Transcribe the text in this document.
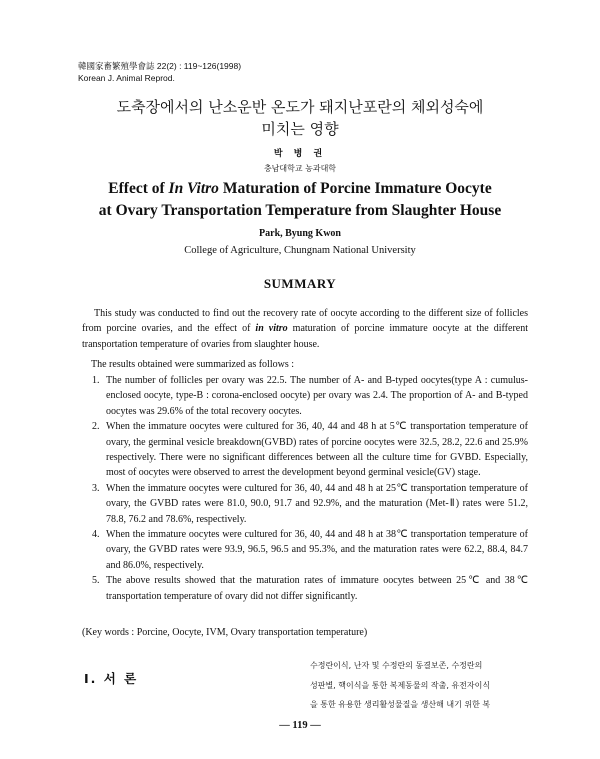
韓國家畜繁殖學會誌 22(2) : 119~126(1998)
Korean J. Animal Reprod.
도축장에서의 난소운반 온도가 돼지난포란의 체외성숙에
미치는 영향
박 병 권
충남대학교 농과대학
Effect of In Vitro Maturation of Porcine Immature Oocyte
at Ovary Transportation Temperature from Slaughter House
Park, Byung Kwon
College of Agriculture, Chungnam National University
SUMMARY
This study was conducted to find out the recovery rate of oocyte according to the different size of follicles from porcine ovaries, and the effect of in vitro maturation of porcine immature oocyte at the different transportation temperature of ovaries from slaughter house.
The results obtained were summarized as follows :
1. The number of follicles per ovary was 22.5. The number of A- and B-typed oocytes(type A : cumulus-enclosed oocyte, type-B : corona-enclosed oocyte) per ovary was 2.4. The proportion of A- and B-typed oocytes was 29.6% of the total recovery oocytes.
2. When the immature oocytes were cultured for 36, 40, 44 and 48 h at 5℃ transportation temperature of ovary, the germinal vesicle breakdown(GVBD) rates of porcine oocytes were 32.5, 28.2, 22.6 and 25.9% respectively. There were no significant differences between all the culture time for GVBD. Especially, most of oocytes were observed to arrest the development beyond germinal vesicle(GV) stage.
3. When the immature oocytes were cultured for 36, 40, 44 and 48 h at 25℃ transportation temperature of ovary, the GVBD rates were 81.0, 90.0, 91.7 and 92.9%, and the maturation (Met-Ⅱ) rates were 51.2, 78.8, 76.2 and 78.6%, respectively.
4. When the immature oocytes were cultured for 36, 40, 44 and 48 h at 38℃ transportation temperature of ovary, the GVBD rates were 93.9, 96.5, 96.5 and 95.3%, and the maturation rates were 62.2, 88.4, 84.7 and 86.0%, respectively.
5. The above results showed that the maturation rates of immature oocytes between 25℃ and 38℃ transportation temperature of ovary did not differ significantly.
(Key words : Porcine, Oocyte, IVM, Ovary transportation temperature)
Ⅰ. 서 론
수정란이식, 난자 및 수정란의 동결보존, 수정란의
성판별, 핵이식을 통한 복제동물의 작출, 유전자이식
을 통한 유용한 생리활성물질을 생산해 내기 위한 복
— 119 —
